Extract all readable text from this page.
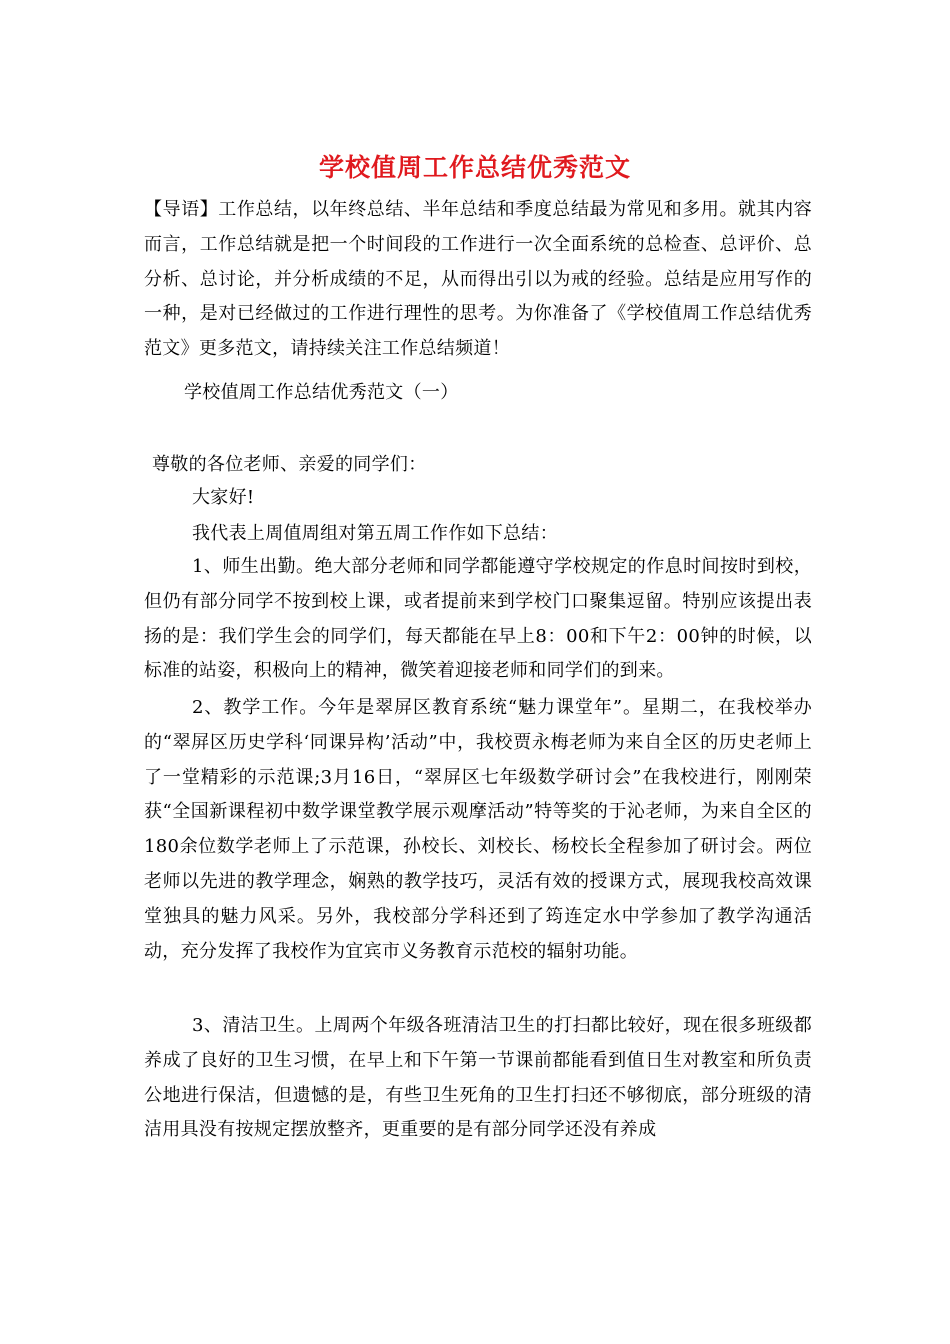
学校值周工作总结优秀范文
【导语】工作总结，以年终总结、半年总结和季度总结最为常见和多用。就其内容而言，工作总结就是把一个时间段的工作进行一次全面系统的总检查、总评价、总分析、总讨论，并分析成绩的不足，从而得出引以为戒的经验。总结是应用写作的一种，是对已经做过的工作进行理性的思考。为你准备了《学校值周工作总结优秀范文》更多范文，请持续关注工作总结频道！
学校值周工作总结优秀范文（一）
尊敬的各位老师、亲爱的同学们：
大家好!
我代表上周值周组对第五周工作作如下总结：
1、师生出勤。绝大部分老师和同学都能遵守学校规定的作息时间按时到校，但仍有部分同学不按到校上课，或者提前来到学校门口聚集逗留。特别应该提出表扬的是：我们学生会的同学们，每天都能在早上8：00和下午2：00钟的时候，以标准的站姿，积极向上的精神，微笑着迎接老师和同学们的到来。
2、教学工作。今年是翠屏区教育系统“魅力课堂年”。星期二，在我校举办的“翠屏区历史学科‘同课异构’活动”中，我校贾永梅老师为来自全区的历史老师上了一堂精彩的示范课;3月16日，“翠屏区七年级数学研讨会”在我校进行，刚刚荣获“全国新课程初中数学课堂教学展示观摩活动”特等奖的于沁老师，为来自全区的180余位数学老师上了示范课，孙校长、刘校长、杨校长全程参加了研讨会。两位老师以先进的教学理念，娴熟的教学技巧，灵活有效的授课方式，展现我校高效课堂独具的魅力风采。另外，我校部分学科还到了筠连定水中学参加了教学沟通活动，充分发挥了我校作为宜宾市义务教育示范校的辐射功能。
3、清洁卫生。上周两个年级各班清洁卫生的打扫都比较好，现在很多班级都养成了良好的卫生习惯，在早上和下午第一节课前都能看到值日生对教室和所负责公地进行保洁，但遗憾的是，有些卫生死角的卫生打扫还不够彻底，部分班级的清洁用具没有按规定摆放整齐，更重要的是有部分同学还没有养成
